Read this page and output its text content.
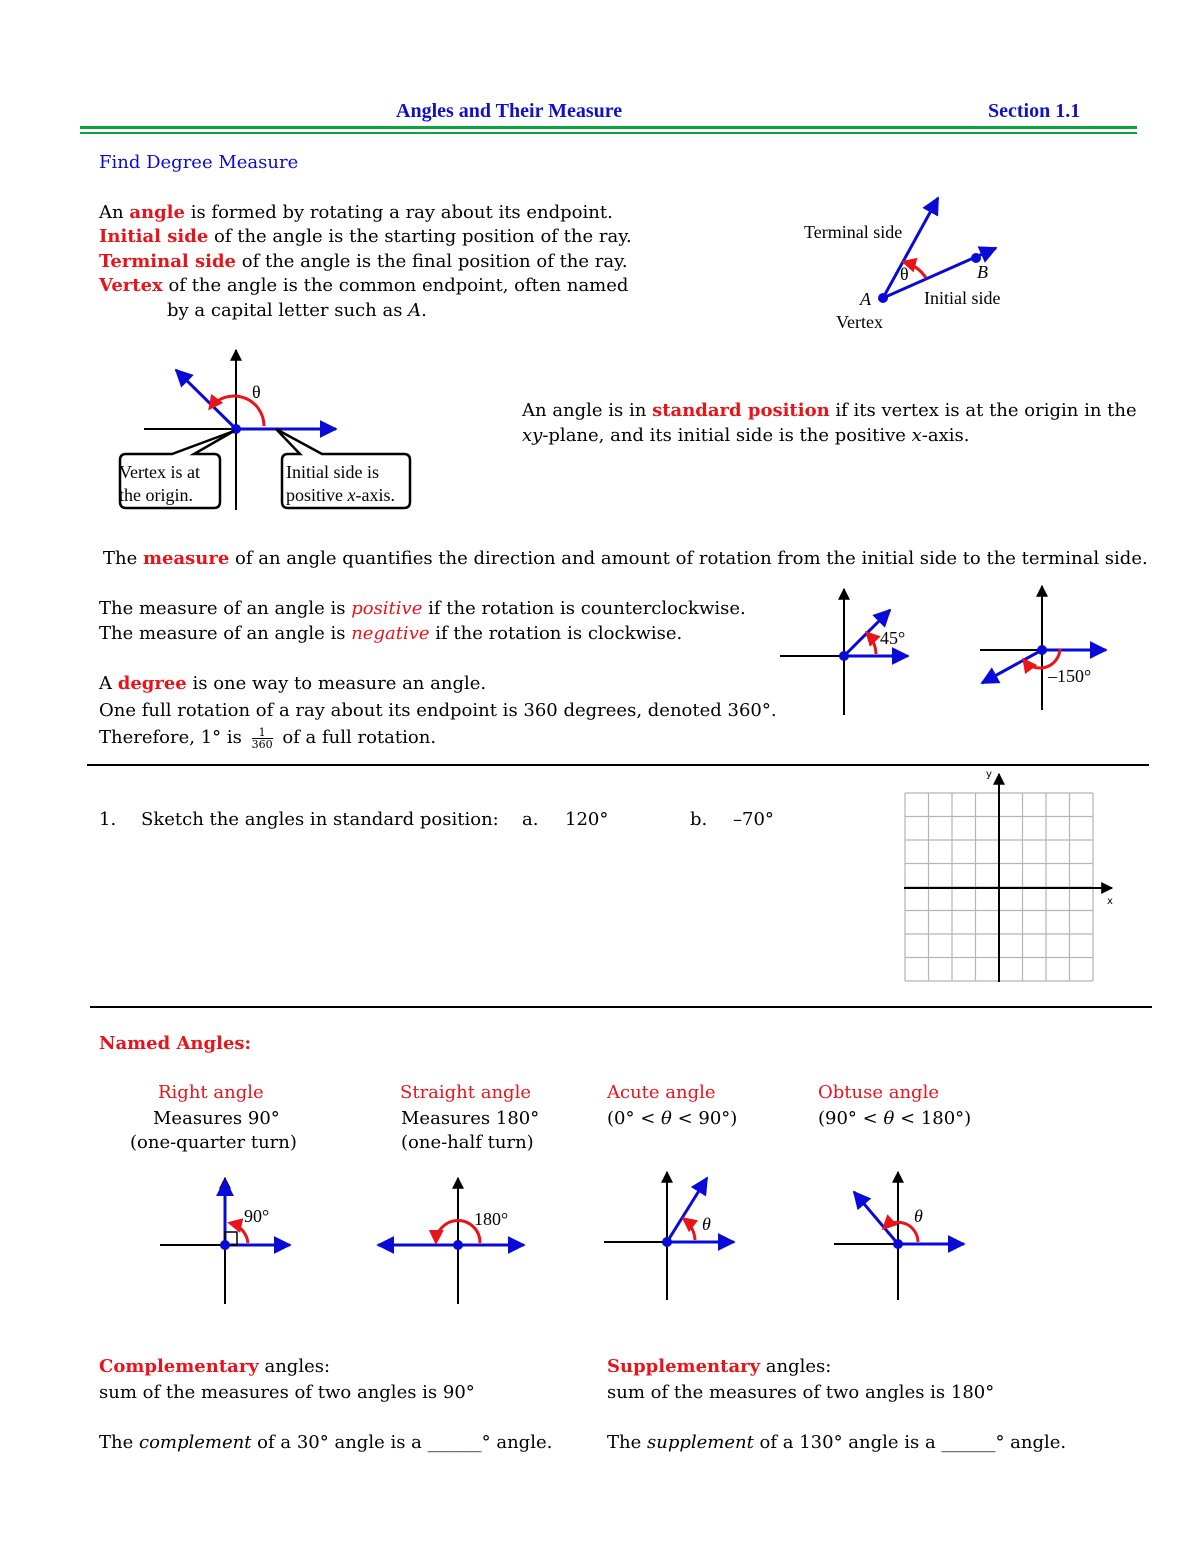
Angles and Their Measure	Section 1.1
Find Degree Measure
An angle is formed by rotating a ray about its endpoint.
Initial side of the angle is the starting position of the ray.
Terminal side of the angle is the final position of the ray.
Vertex of the angle is the common endpoint, often named
by a capital letter such as A.
Terminal side
θ	B
A	Initial side
Vertex
θ
Vertex is at
the origin.
Initial side is
positive x-axis.
An angle is in standard position if its vertex is at the origin in the
xy-plane, and its initial side is the positive x-axis.
The measure of an angle quantifies the direction and amount of rotation from the initial side to the terminal side.
The measure of an angle is positive if the rotation is counterclockwise.
The measure of an angle is negative if the rotation is clockwise.
A degree is one way to measure an angle.
One full rotation of a ray about its endpoint is 360 degrees, denoted 360°.
Therefore, 1° is $\frac{1}{360}$ of a full rotation.
45°
–150°
1. Sketch the angles in standard position: a. 120°	b. –70°
y
x
Named Angles:
Right angle
Measures 90°
(one-quarter turn)
Straight angle
Measures 180°
(one-half turn)
Acute angle
(0° < θ < 90°)
Obtuse angle
(90° < θ < 180°)
90°	180°	θ	θ
Complementary angles:
sum of the measures of two angles is 90°
The complement of a 30° angle is a ______° angle.
Supplementary angles:
sum of the measures of two angles is 180°
The supplement of a 130° angle is a ______° angle.
